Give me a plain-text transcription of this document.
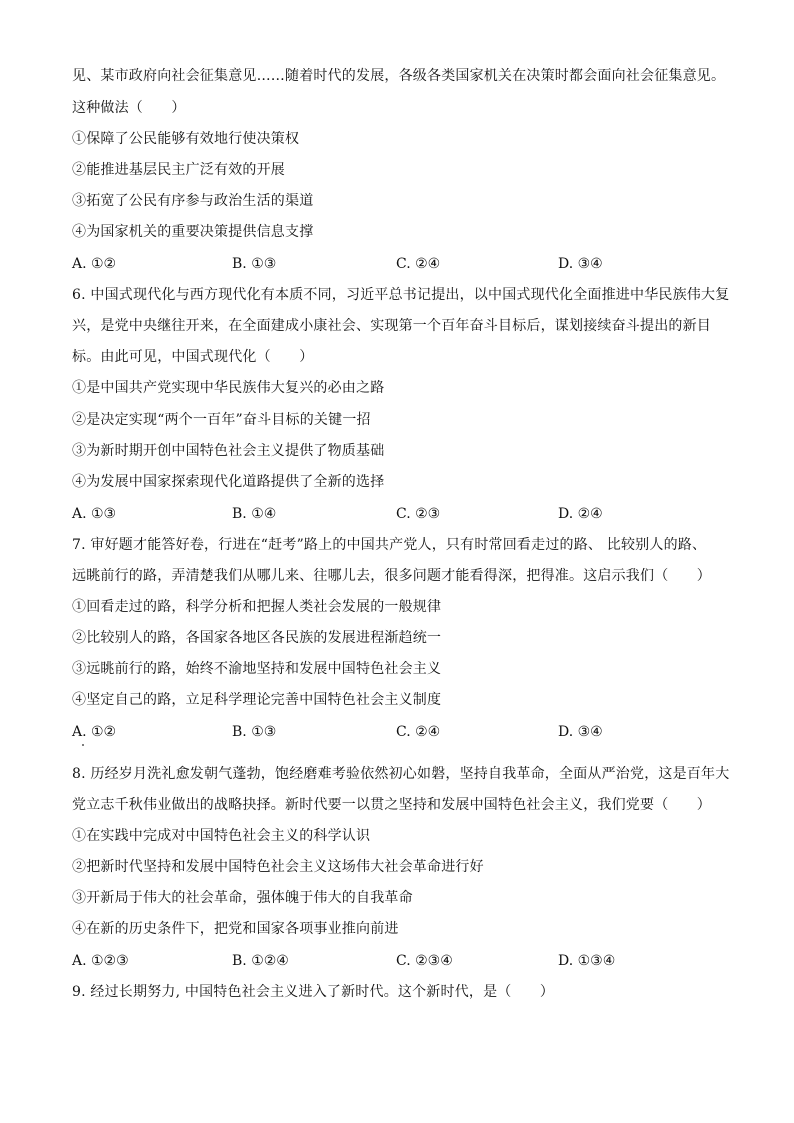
见、某市政府向社会征集意见……随着时代的发展，各级各类国家机关在决策时都会面向社会征集意见。
这种做法（　　）
①保障了公民能够有效地行使决策权
②能推进基层民主广泛有效的开展
③拓宽了公民有序参与政治生活的渠道
④为国家机关的重要决策提供信息支撑
A. ①②	B. ①③	C. ②④	D. ③④
6. 中国式现代化与西方现代化有本质不同，习近平总书记提出，以中国式现代化全面推进中华民族伟大复
兴，是党中央继往开来，在全面建成小康社会、实现第一个百年奋斗目标后，谋划接续奋斗提出的新目
标。由此可见，中国式现代化（　　）
①是中国共产党实现中华民族伟大复兴的必由之路
②是决定实现“两个一百年”奋斗目标的关键一招
③为新时期开创中国特色社会主义提供了物质基础
④为发展中国家探索现代化道路提供了全新的选择
A. ①③	B. ①④	C. ②③	D. ②④
7. 审好题才能答好卷，行进在“赶考”路上的中国共产党人，只有时常回看走过的路、 比较别人的路、
远眺前行的路，弄清楚我们从哪儿来、往哪儿去，很多问题才能看得深，把得准。这启示我们（　　）
①回看走过的路，科学分析和把握人类社会发展的一般规律
②比较别人的路，各国家各地区各民族的发展进程渐趋统一
③远眺前行的路，始终不渝地坚持和发展中国特色社会主义
④坚定自己的路，立足科学理论完善中国特色社会主义制度
A. ①②	B. ①③	C. ②④	D. ③④
8. 历经岁月洗礼愈发朝气蓬勃，饱经磨难考验依然初心如磐，坚持自我革命，全面从严治党，这是百年大
党立志千秋伟业做出的战略抉择。新时代要一以贯之坚持和发展中国特色社会主义，我们党要（　　）
①在实践中完成对中国特色社会主义的科学认识
②把新时代坚持和发展中国特色社会主义这场伟大社会革命进行好
③开新局于伟大的社会革命，强体魄于伟大的自我革命
④在新的历史条件下，把党和国家各项事业推向前进
A. ①②③	B. ①②④	C. ②③④	D. ①③④
9. 经过长期努力, 中国特色社会主义进入了新时代。这个新时代，是（　　）
